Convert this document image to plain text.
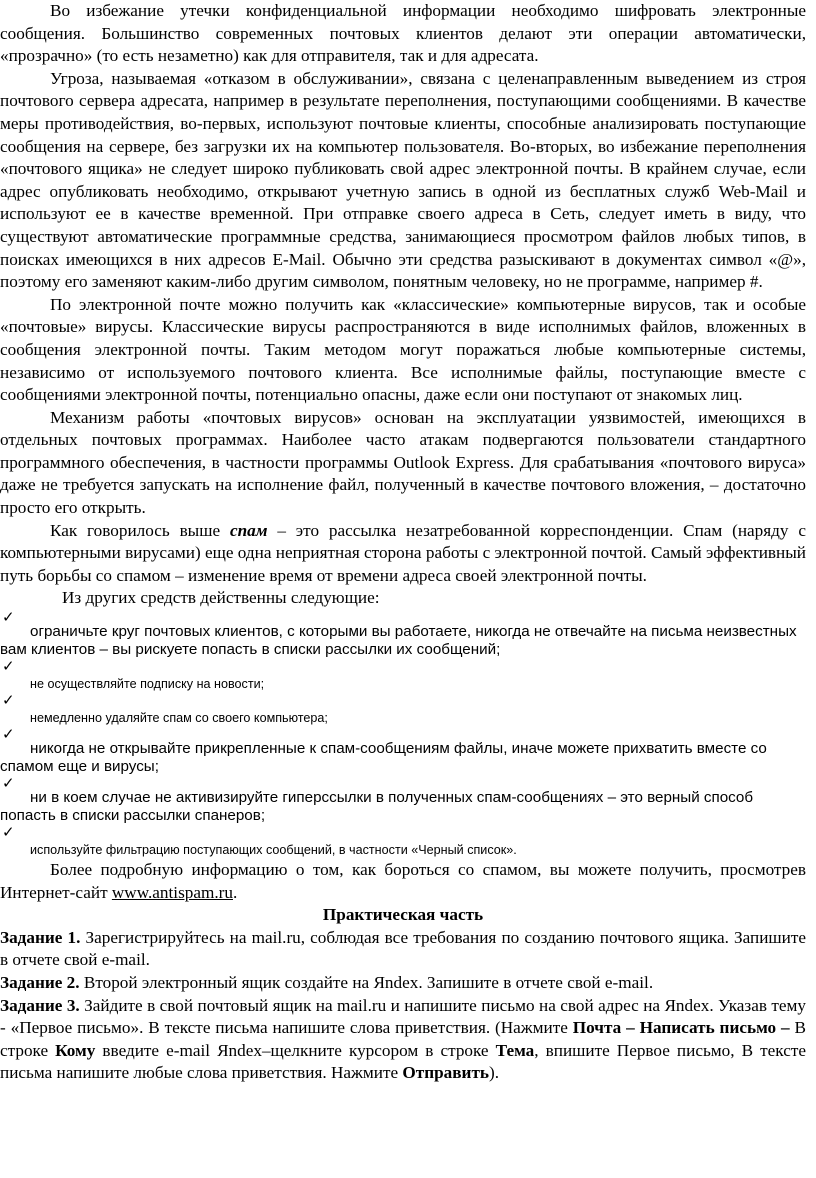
Во избежание утечки конфиденциальной информации необходимо шифровать электронные сообщения. Большинство современных почтовых клиентов делают эти операции автоматически, «прозрачно» (то есть незаметно) как для отправителя, так и для адресата.

Угроза, называемая «отказом в обслуживании», связана с целенаправленным выведением из строя почтового сервера адресата, например в результате переполнения, поступающими сообщениями. В качестве меры противодействия, во-первых, используют почтовые клиенты, способные анализировать поступающие сообщения на сервере, без загрузки их на компьютер пользователя. Во-вторых, во избежание переполнения «почтового ящика» не следует широко публиковать свой адрес электронной почты. В крайнем случае, если адрес опубликовать необходимо, открывают учетную запись в одной из бесплатных служб Web-Mail и используют ее в качестве временной. При отправке своего адреса в Сеть, следует иметь в виду, что существуют автоматические программные средства, занимающиеся просмотром файлов любых типов, в поисках имеющихся в них адресов E-Mail. Обычно эти средства разыскивают в документах символ «@», поэтому его заменяют каким-либо другим символом, понятным человеку, но не программе, например #.

По электронной почте можно получить как «классические» компьютерные вирусов, так и особые «почтовые» вирусы. Классические вирусы распространяются в виде исполнимых файлов, вложенных в сообщения электронной почты. Таким методом могут поражаться любые компьютерные системы, независимо от используемого почтового клиента. Все исполнимые файлы, поступающие вместе с сообщениями электронной почты, потенциально опасны, даже если они поступают от знакомых лиц.

Механизм работы «почтовых вирусов» основан на эксплуатации уязвимостей, имеющихся в отдельных почтовых программах. Наиболее часто атакам подвергаются пользователи стандартного программного обеспечения, в частности программы Outlook Express. Для срабатывания «почтового вируса» даже не требуется запускать на исполнение файл, полученный в качестве почтового вложения, – достаточно просто его открыть.

Как говорилось выше спам – это рассылка незатребованной корреспонденции. Спам (наряду с компьютерными вирусами) еще одна неприятная сторона работы с электронной почтой. Самый эффективный путь борьбы со спамом – изменение время от времени адреса своей электронной почты.

Из других средств действенны следующие:

✓
ограничьте круг почтовых клиентов, с которыми вы работаете, никогда не отвечайте на письма неизвестных вам клиентов – вы рискуете попасть в списки рассылки их сообщений;
✓
не осуществляйте подписку на новости;
✓
немедленно удаляйте спам со своего компьютера;
✓
никогда не открывайте прикрепленные к спам-сообщениям файлы, иначе можете прихватить вместе со спамом еще и вирусы;
✓
ни в коем случае не активизируйте гиперссылки в полученных спам-сообщениях – это верный способ попасть в списки рассылки спанеров;
✓
используйте фильтрацию поступающих сообщений, в частности «Черный список».

Более подробную информацию о том, как бороться со спамом, вы можете получить, просмотрев Интернет-сайт www.antispam.ru.

Практическая часть

Задание 1. Зарегистрируйтесь на mail.ru, соблюдая все требования по созданию почтового ящика. Запишите в отчете свой e-mail.

Задание 2. Второй электронный ящик создайте на Яndex. Запишите в отчете свой e-mail.

Задание 3. Зайдите в свой почтовый ящик на mail.ru и напишите письмо на свой адрес на Яndex. Указав тему - «Первое письмо». В тексте письма напишите слова приветствия. (Нажмите Почта – Написать письмо – В строке Кому введите e-mail Яndex–щелкните курсором в строке Тема, впишите Первое письмо, В тексте письма напишите любые слова приветствия. Нажмите Отправить).
